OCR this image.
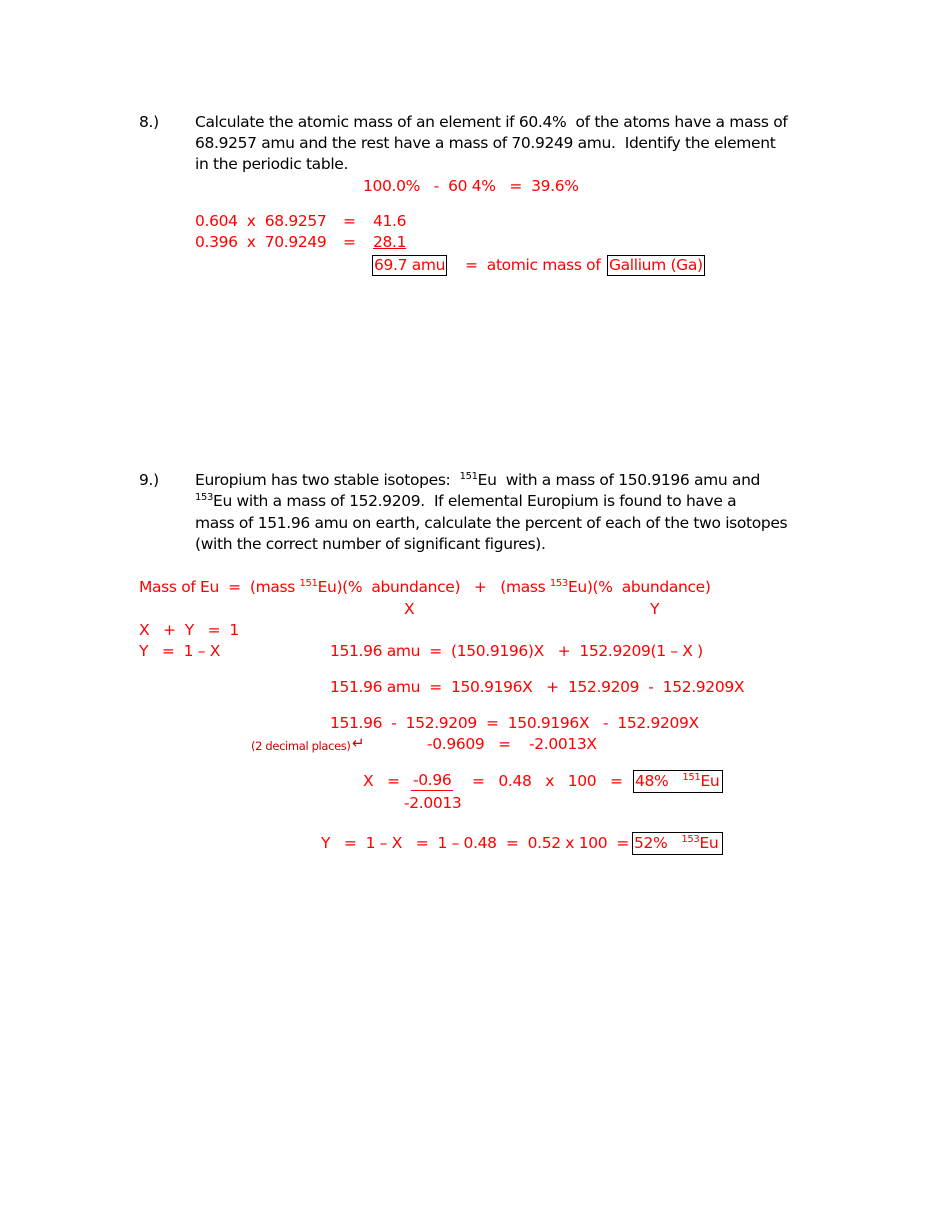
8.) Calculate the atomic mass of an element if 60.4%  of the atoms have a mass of
68.9257 amu and the rest have a mass of 70.9249 amu.  Identify the element
in the periodic table.
100.0%   -  60 4%   =  39.6%
0.604  x  68.9257 = 41.6
0.396  x  70.9249 = 28.1
69.7 amu =  atomic mass of Gallium (Ga)
9.) Europium has two stable isotopes:  $^{151}$Eu  with a mass of 150.9196 amu and
$^{153}$Eu with a mass of 152.9209.  If elemental Europium is found to have a
mass of 151.96 amu on earth, calculate the percent of each of the two isotopes
(with the correct number of significant figures).
Mass of Eu  =  (mass $^{151}$Eu)(%  abundance)   +   (mass $^{153}$Eu)(%  abundance)
X	Y
X   +  Y   =  1
Y   =  1 – X	151.96 amu  =  (150.9196)X   +  152.9209(1 – X )
151.96 amu  =  150.9196X   +  152.9209  -  152.9209X
151.96  -  152.9209  =  150.9196X   -  152.9209X
(2 decimal places) ↵	-0.9609   =    -2.0013X
X   = -0.96
-2.0013
=   0.48   x   100   = 48% $^{151}$Eu
Y   =  1 – X   =  1 – 0.48  =  0.52 x 100  = 52% $^{153}$Eu
